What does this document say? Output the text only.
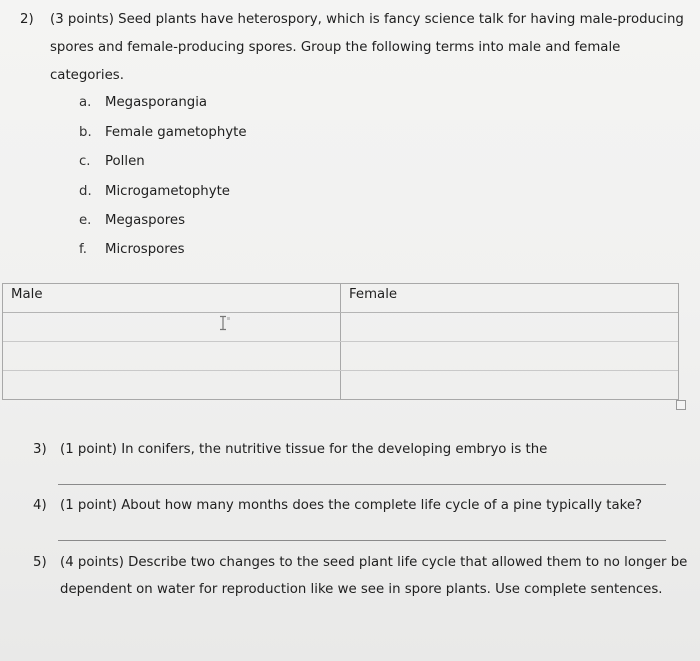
2) (3 points) Seed plants have heterospory, which is fancy science talk for having male-producing
spores and female-producing spores. Group the following terms into male and female
categories.
a. Megasporangia
b. Female gametophyte
c. Pollen
d. Microgametophyte
e. Megaspores
f. Microspores
Male	Female
3) (1 point) In conifers, the nutritive tissue for the developing embryo is the
4) (1 point) About how many months does the complete life cycle of a pine typically take?
5) (4 points) Describe two changes to the seed plant life cycle that allowed them to no longer be
dependent on water for reproduction like we see in spore plants. Use complete sentences.
